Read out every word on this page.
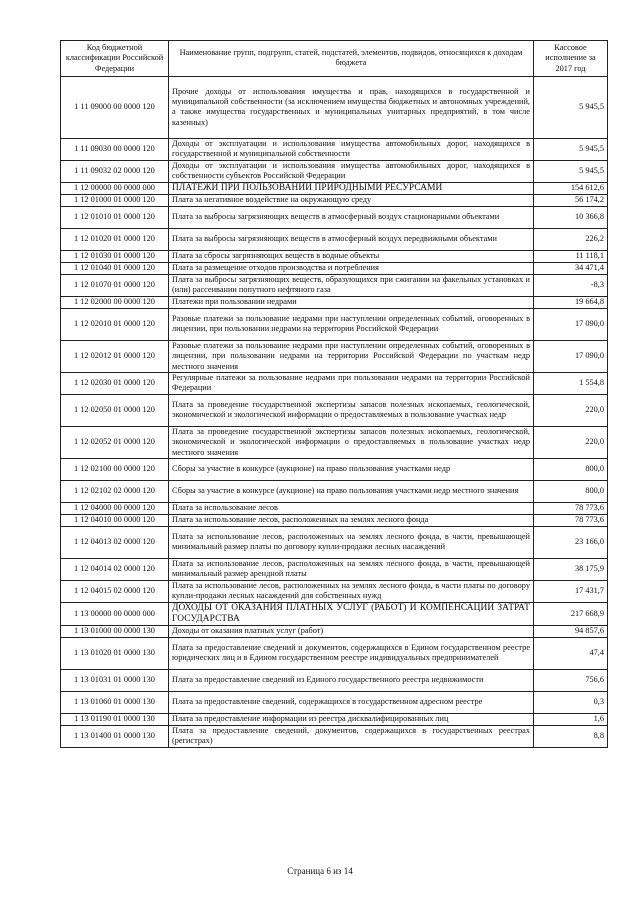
Код бюджетной классификации Российской Федерации	Наименование групп, подгрупп, статей, подстатей, элементов, подвидов, относящихся к доходам бюджета	Кассовое исполнение за 2017 год
1 11 09000 00 0000 120	Прочие доходы от использования имущества и прав, находящихся в государственной и муниципальной собственности (за исключением имущества бюджетных и автономных учреждений, а также имущества государственных и муниципальных унитарных предприятий, в том числе казенных)	5 945,5
1 11 09030 00 0000 120	Доходы от эксплуатации и использования имущества автомобильных дорог, находящихся в государственной и муниципальной собственности	5 945,5
1 11 09032 02 0000 120	Доходы от эксплуатации и использования имущества автомобильных дорог, находящихся в собственности субъектов Российской Федерации	5 945,5
1 12 00000 00 0000 000	ПЛАТЕЖИ ПРИ ПОЛЬЗОВАНИИ ПРИРОДНЫМИ РЕСУРСАМИ	154 612,6
1 12 01000 01 0000 120	Плата за негативное воздействие на окружающую среду	56 174,2
1 12 01010 01 0000 120	Плата за выбросы загрязняющих веществ в атмосферный воздух стационарными объектами	10 366,8
1 12 01020 01 0000 120	Плата за выбросы загрязняющих веществ в атмосферный воздух передвижными объектами	226,2
1 12 01030 01 0000 120	Плата за сбросы загрязняющих веществ в водные объекты	11 118,1
1 12 01040 01 0000 120	Плата за размещение отходов производства и потребления	34 471,4
1 12 01070 01 0000 120	Плата за выбросы загрязняющих веществ, образующихся при сжигании на факельных установках и (или) рассеивании попутного нефтяного газа	-8,3
1 12 02000 00 0000 120	Платежи при пользовании недрами	19 664,8
1 12 02010 01 0000 120	Разовые платежи за пользование недрами при наступлении определенных событий, оговоренных в лицензии, при пользовании недрами на территории Российской Федерации	17 090,0
1 12 02012 01 0000 120	Разовые платежи за пользование недрами при наступлении определенных событий, оговоренных в лицензии, при пользовании недрами на территории Российской Федерации по участкам недр местного значения	17 090,0
1 12 02030 01 0000 120	Регулярные платежи за пользование недрами при пользовании недрами на территории Российской Федерации	1 554,8
1 12 02050 01 0000 120	Плата за проведение государственной экспертизы запасов полезных ископаемых, геологической, экономической и экологической информации о предоставляемых в пользование участках недр	220,0
1 12 02052 01 0000 120	Плата за проведение государственной экспертизы запасов полезных ископаемых, геологической, экономической и экологической информации о предоставляемых в пользование участках недр местного значения	220,0
1 12 02100 00 0000 120	Сборы за участие в конкурсе (аукционе) на право пользования участками недр	800,0
1 12 02102 02 0000 120	Сборы за участие в конкурсе (аукционе) на право пользования участками недр местного значения	800,0
1 12 04000 00 0000 120	Плата за использование лесов	78 773,6
1 12 04010 00 0000 120	Плата за использование лесов, расположенных на землях лесного фонда	78 773,6
1 12 04013 02 0000 120	Плата за использование лесов, расположенных на землях лесного фонда, в части, превышающей минимальный размер платы по договору купли-продажи лесных насаждений	23 166,0
1 12 04014 02 0000 120	Плата за использование лесов, расположенных на землях лесного фонда, в части, превышающей минимальный размер арендной платы	38 175,9
1 12 04015 02 0000 120	Плата за использование лесов, расположенных на землях лесного фонда, в части платы по договору купли-продажи лесных насаждений для собственных нужд	17 431,7
1 13 00000 00 0000 000	ДОХОДЫ ОТ ОКАЗАНИЯ ПЛАТНЫХ УСЛУГ (РАБОТ) И КОМПЕНСАЦИИ ЗАТРАТ ГОСУДАРСТВА	217 668,9
1 13 01000 00 0000 130	Доходы от оказания платных услуг (работ)	94 857,6
1 13 01020 01 0000 130	Плата за предоставление сведений и документов, содержащихся в Едином государственном реестре юридических лиц и в Едином государственном реестре индивидуальных предпринимателей	47,4
1 13 01031 01 0000 130	Плата за предоставление сведений из Единого государственного реестра недвижимости	756,6
1 13 01060 01 0000 130	Плата за предоставление сведений, содержащихся в государственном адресном реестре	0,3
1 13 01190 01 0000 130	Плата за предоставление информации из реестра дисквалифицированных лиц	1,6
1 13 01400 01 0000 130	Плата за предоставление сведений, документов, содержащихся в государственных реестрах (регистрах)	8,8
Страница 6 из 14
